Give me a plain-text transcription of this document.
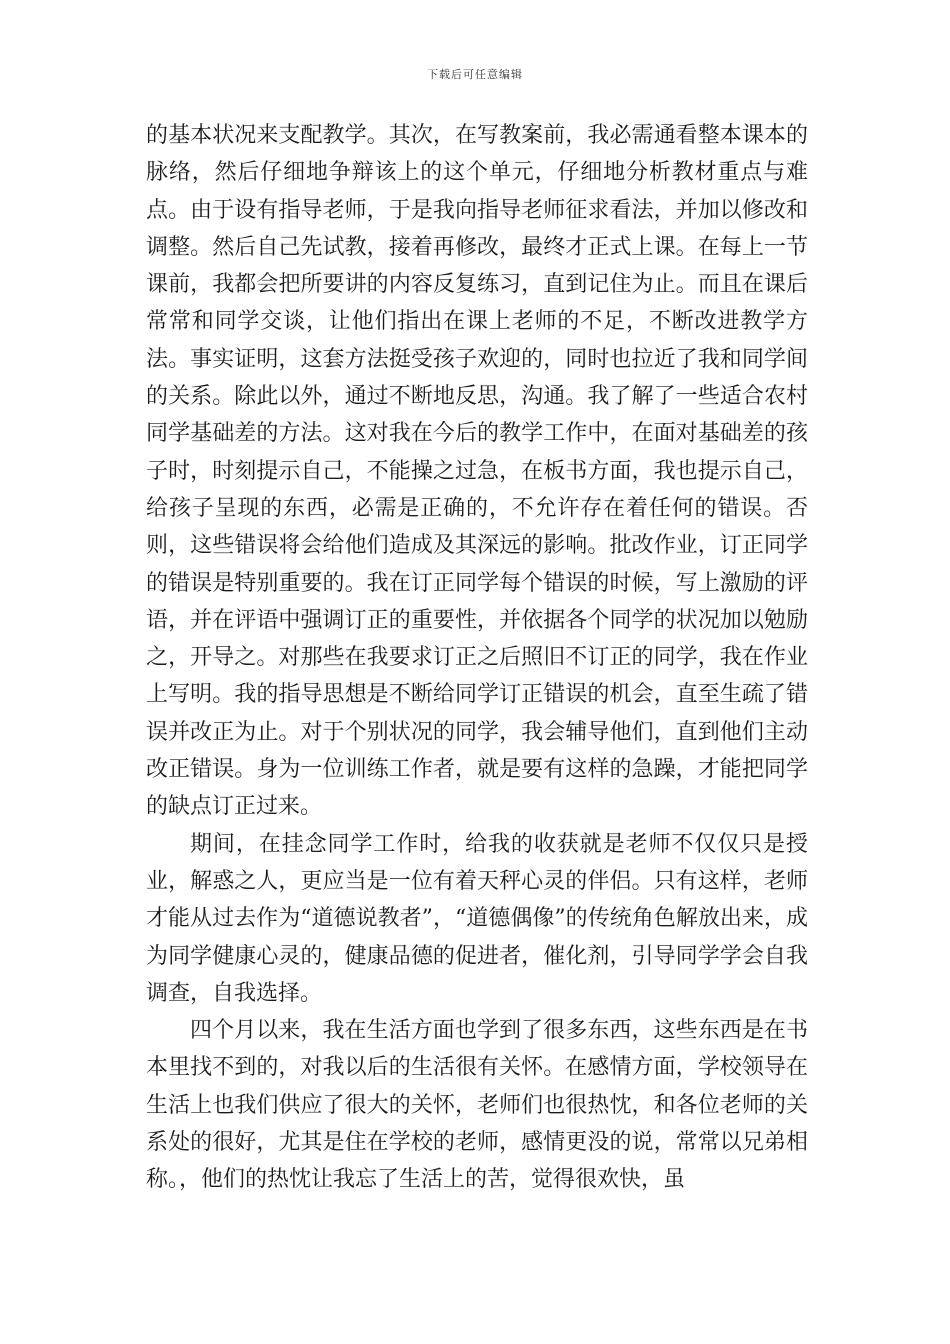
下载后可任意编辑

的基本状况来支配教学。其次，在写教案前，我必需通看整本课本的脉络，然后仔细地争辩该上的这个单元，仔细地分析教材重点与难点。由于设有指导老师，于是我向指导老师征求看法，并加以修改和调整。然后自己先试教，接着再修改，最终才正式上课。在每上一节课前，我都会把所要讲的内容反复练习，直到记住为止。而且在课后常常和同学交谈，让他们指出在课上老师的不足，不断改进教学方法。事实证明，这套方法挺受孩子欢迎的，同时也拉近了我和同学间的关系。除此以外，通过不断地反思，沟通。我了解了一些适合农村同学基础差的方法。这对我在今后的教学工作中，在面对基础差的孩子时，时刻提示自己，不能操之过急，在板书方面，我也提示自己，给孩子呈现的东西，必需是正确的，不允许存在着任何的错误。否则，这些错误将会给他们造成及其深远的影响。批改作业，订正同学的错误是特别重要的。我在订正同学每个错误的时候，写上激励的评语，并在评语中强调订正的重要性，并依据各个同学的状况加以勉励之，开导之。对那些在我要求订正之后照旧不订正的同学，我在作业上写明。我的指导思想是不断给同学订正错误的机会，直至生疏了错误并改正为止。对于个别状况的同学，我会辅导他们，直到他们主动改正错误。身为一位训练工作者，就是要有这样的急躁，才能把同学的缺点订正过来。

期间，在挂念同学工作时，给我的收获就是老师不仅仅只是授业，解惑之人，更应当是一位有着天秤心灵的伴侣。只有这样，老师才能从过去作为“道德说教者”，“道德偶像”的传统角色解放出来，成为同学健康心灵的，健康品德的促进者，催化剂，引导同学学会自我调查，自我选择。

四个月以来，我在生活方面也学到了很多东西，这些东西是在书本里找不到的，对我以后的生活很有关怀。在感情方面，学校领导在生活上也我们供应了很大的关怀，老师们也很热忱，和各位老师的关系处的很好，尤其是住在学校的老师，感情更没的说，常常以兄弟相称。，他们的热忱让我忘了生活上的苦，觉得很欢快，虽
